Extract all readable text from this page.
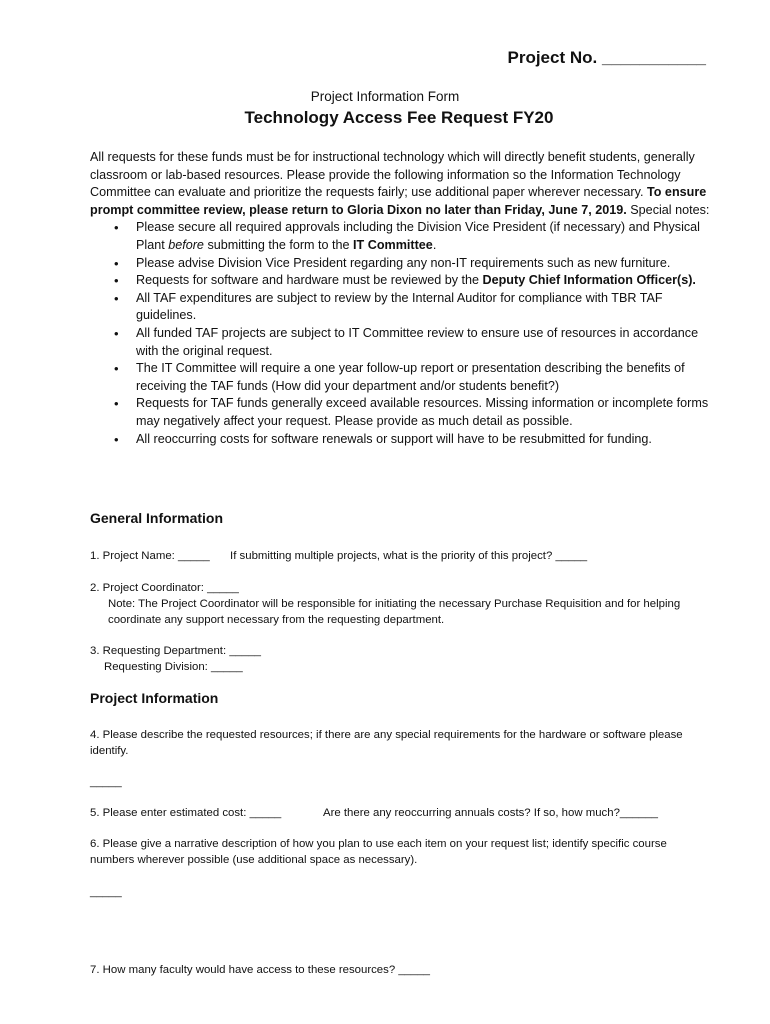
Project No. ___________
Project Information Form
Technology Access Fee Request FY20

All requests for these funds must be for instructional technology which will directly benefit students, generally classroom or lab-based resources. Please provide the following information so the Information Technology Committee can evaluate and prioritize the requests fairly; use additional paper wherever necessary. To ensure prompt committee review, please return to Gloria Dixon no later than Friday, June 7, 2019. Special notes:

• Please secure all required approvals including the Division Vice President (if necessary) and Physical Plant before submitting the form to the IT Committee.
• Please advise Division Vice President regarding any non-IT requirements such as new furniture.
• Requests for software and hardware must be reviewed by the Deputy Chief Information Officer(s).
• All TAF expenditures are subject to review by the Internal Auditor for compliance with TBR TAF guidelines.
• All funded TAF projects are subject to IT Committee review to ensure use of resources in accordance with the original request.
• The IT Committee will require a one year follow-up report or presentation describing the benefits of receiving the TAF funds (How did your department and/or students benefit?)
• Requests for TAF funds generally exceed available resources. Missing information or incomplete forms may negatively affect your request. Please provide as much detail as possible.
• All reoccurring costs for software renewals or support will have to be resubmitted for funding.
General Information
1. Project Name: _____ If submitting multiple projects, what is the priority of this project? _____
2. Project Coordinator: _____
Note: The Project Coordinator will be responsible for initiating the necessary Purchase Requisition and for helping coordinate any support necessary from the requesting department.
3. Requesting Department: _____
Requesting Division: _____
Project Information
4. Please describe the requested resources; if there are any special requirements for the hardware or software please identify.
_____
5. Please enter estimated cost: _____	Are there any reoccurring annuals costs? If so, how much?______
6. Please give a narrative description of how you plan to use each item on your request list; identify specific course numbers wherever possible (use additional space as necessary).
_____
7. How many faculty would have access to these resources? _____
